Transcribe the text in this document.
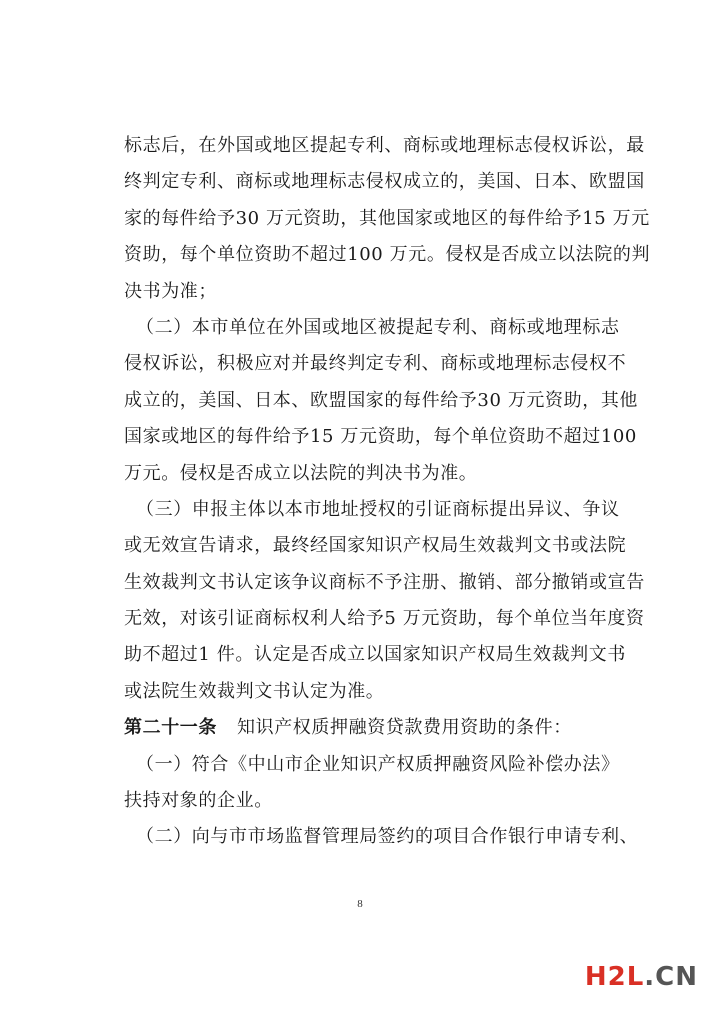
标志后，在外国或地区提起专利、商标或地理标志侵权诉讼，最
终判定专利、商标或地理标志侵权成立的，美国、日本、欧盟国
家的每件给予30 万元资助，其他国家或地区的每件给予15 万元
资助，每个单位资助不超过100 万元。侵权是否成立以法院的判
决书为准；
（二）本市单位在外国或地区被提起专利、商标或地理标志
侵权诉讼，积极应对并最终判定专利、商标或地理标志侵权不
成立的，美国、日本、欧盟国家的每件给予30 万元资助，其他
国家或地区的每件给予15 万元资助，每个单位资助不超过100
万元。侵权是否成立以法院的判决书为准。
（三）申报主体以本市地址授权的引证商标提出异议、争议
或无效宣告请求，最终经国家知识产权局生效裁判文书或法院
生效裁判文书认定该争议商标不予注册、撤销、部分撤销或宣告
无效，对该引证商标权利人给予5 万元资助，每个单位当年度资
助不超过1 件。认定是否成立以国家知识产权局生效裁判文书
或法院生效裁判文书认定为准。
第二十一条 知识产权质押融资贷款费用资助的条件：
（一）符合《中山市企业知识产权质押融资风险补偿办法》
扶持对象的企业。
（二）向与市市场监督管理局签约的项目合作银行申请专利、
8
H2L.CN
